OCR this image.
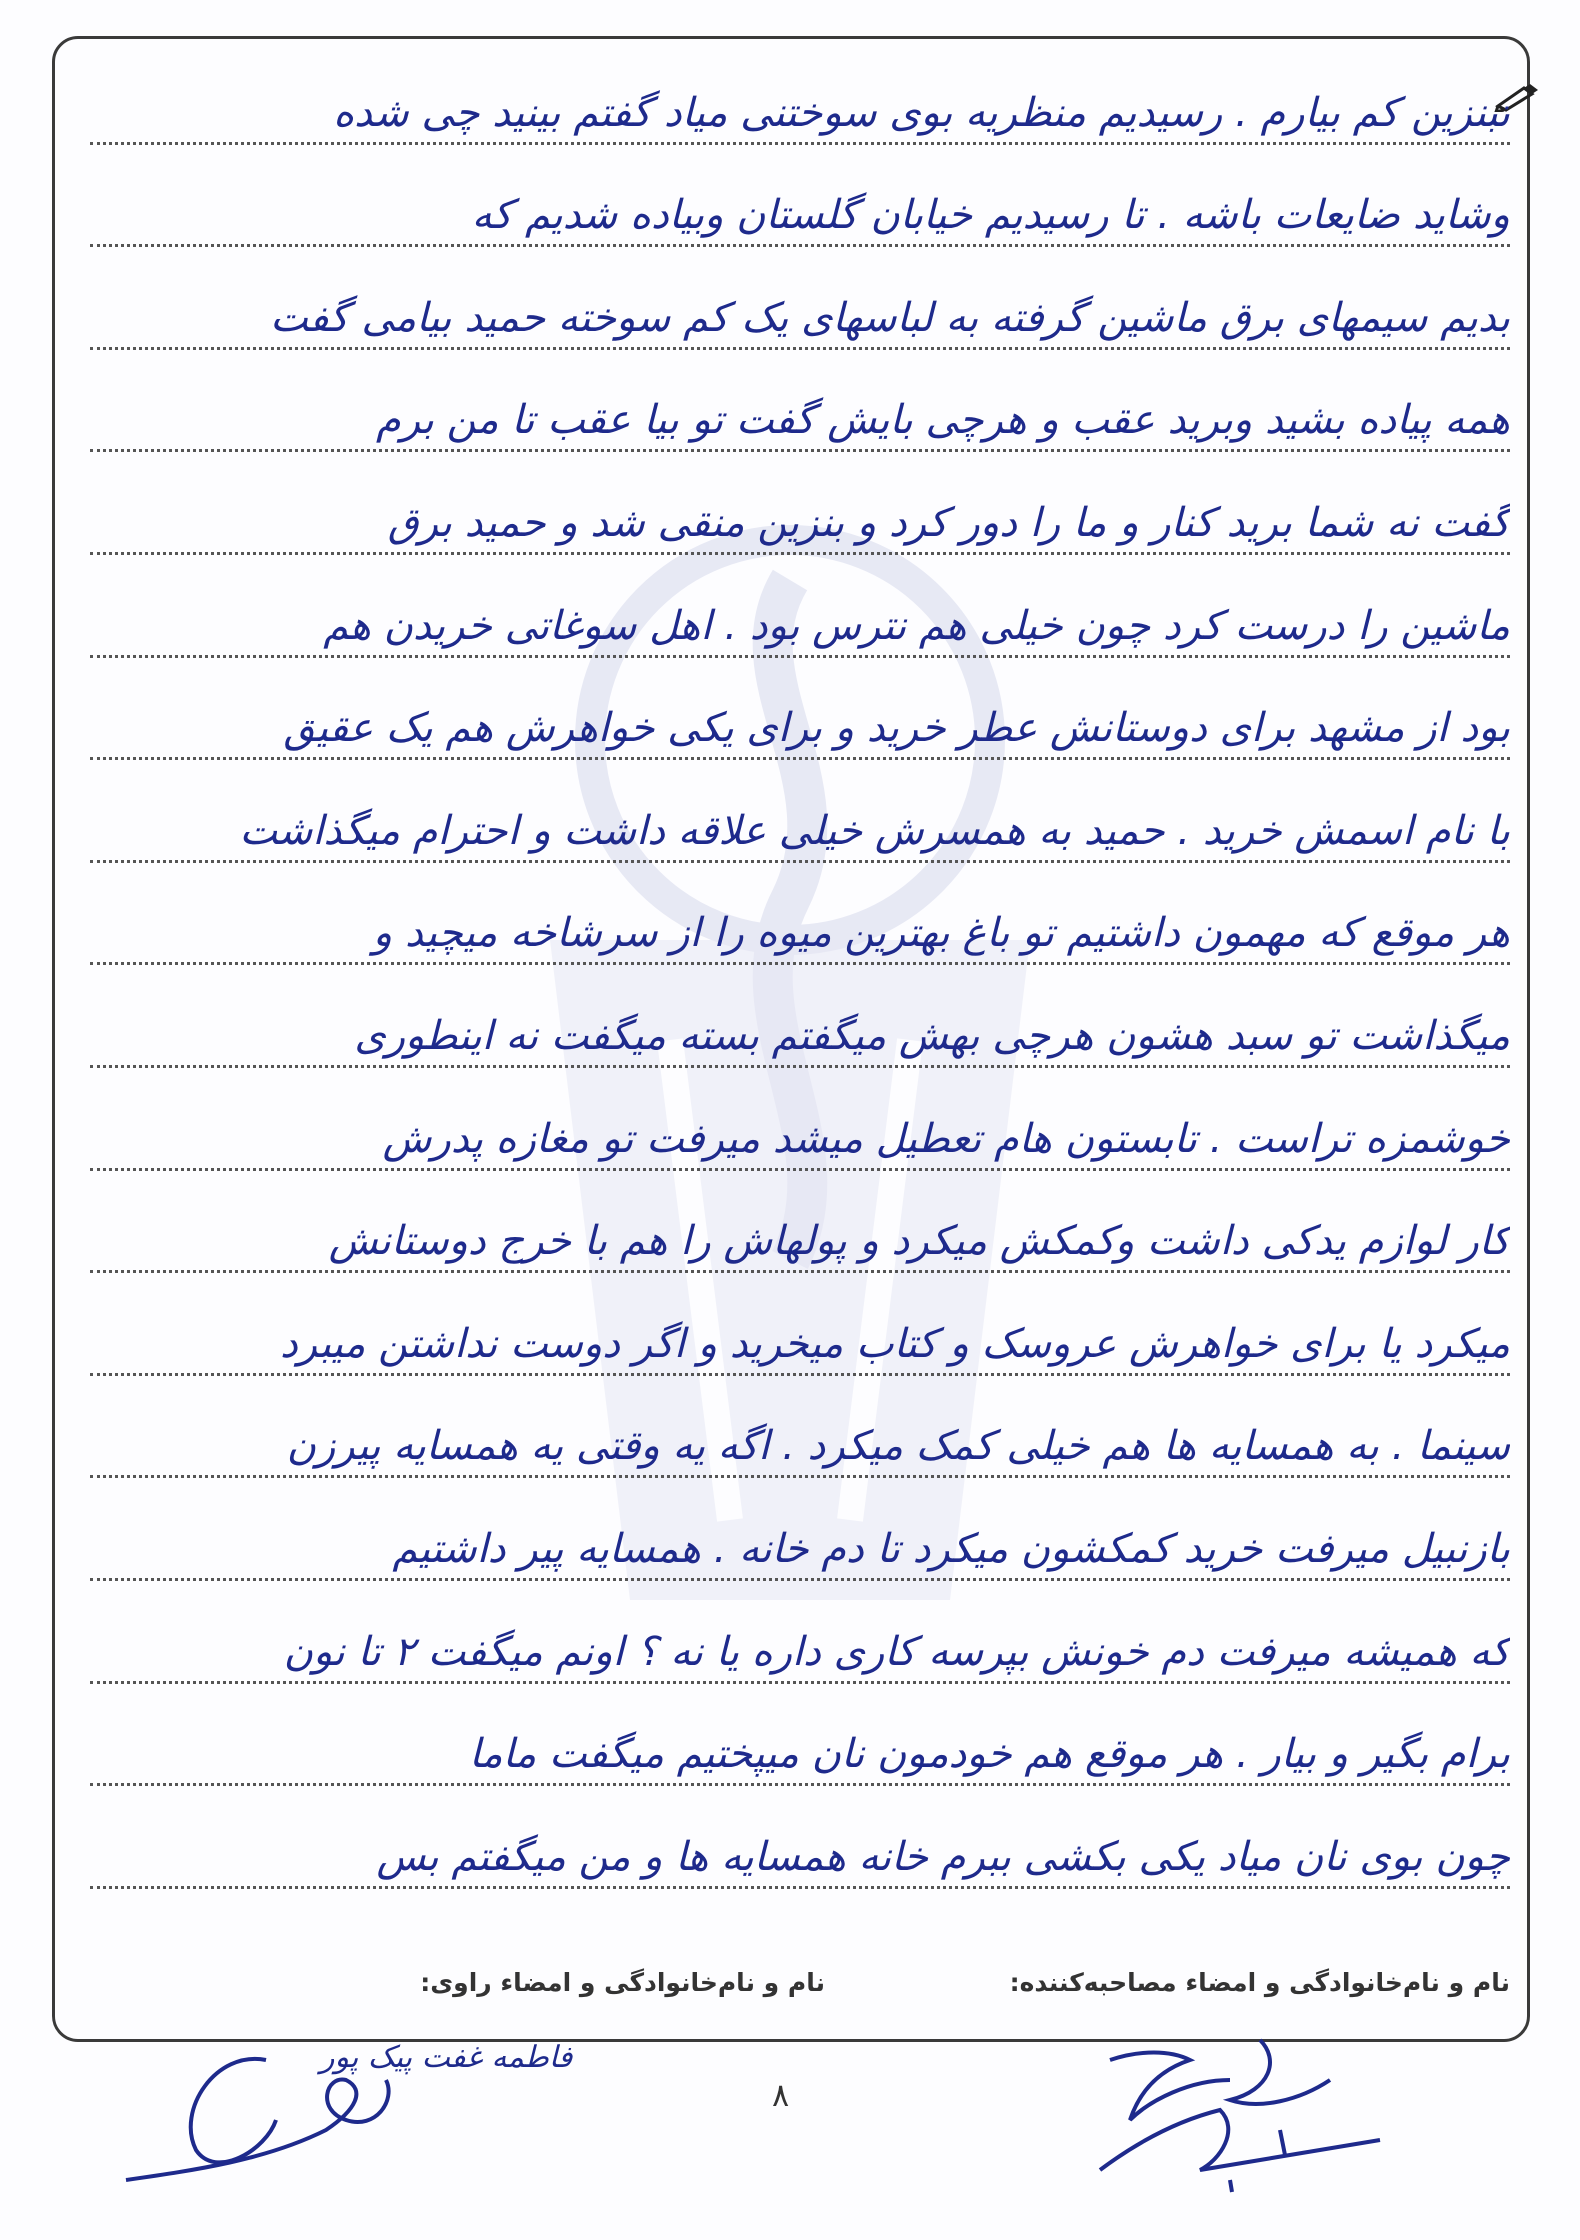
تبنزین کم بیارم . رسیدیم منظریه بوی سوختنی میاد گفتم بینید چی شده
وشاید ضایعات باشه . تا رسیدیم خیابان گلستان وبیاده شدیم که
بدیم سیمهای برق ماشین گرفته به لباسهای یک کم سوخته حمید بیامی گفت
همه پیاده بشید وبرید عقب و هرچی بایش گفت تو بیا عقب تا من برم
گفت نه شما برید کنار و ما را دور کرد و بنزین منقی شد و حمید برق
ماشین را درست کرد چون خیلی هم نترس بود . اهل سوغاتی خریدن هم
بود از مشهد برای دوستانش عطر خرید و برای یکی خواهرش هم یک عقیق
با نام اسمش خرید . حمید به همسرش خیلی علاقه داشت و احترام میگذاشت
هر موقع که مهمون داشتیم تو باغ بهترین میوه را از سرشاخه میچید و
میگذاشت تو سبد هشون هرچی بهش میگفتم بسته میگفت نه اینطوری
خوشمزه تراست . تابستون هام تعطیل میشد میرفت تو مغازه پدرش
کار لوازم یدکی داشت وکمکش میکرد و پولهاش را هم با خرج دوستانش
میکرد یا برای خواهرش عروسک و کتاب میخرید و اگر دوست نداشتن میبرد
سینما . به همسایه ها هم خیلی کمک میکرد . اگه یه وقتی یه همسایه پیرزن
بازنبیل میرفت خرید کمکشون میکرد تا دم خانه . همسایه پیر داشتیم
که همیشه میرفت دم خونش بپرسه کاری داره یا نه ؟ اونم میگفت ۲ تا نون
برام بگیر و بیار . هر موقع هم خودمون نان میپختیم میگفت ماما
چون بوی نان میاد یکی بکشی ببرم خانه همسایه ها و من میگفتم بس
نام و نام‌خانوادگی و امضاء مصاحبه‌کننده:
نام و نام‌خانوادگی و امضاء راوی:
فاطمه غفت پیک پور
۸
